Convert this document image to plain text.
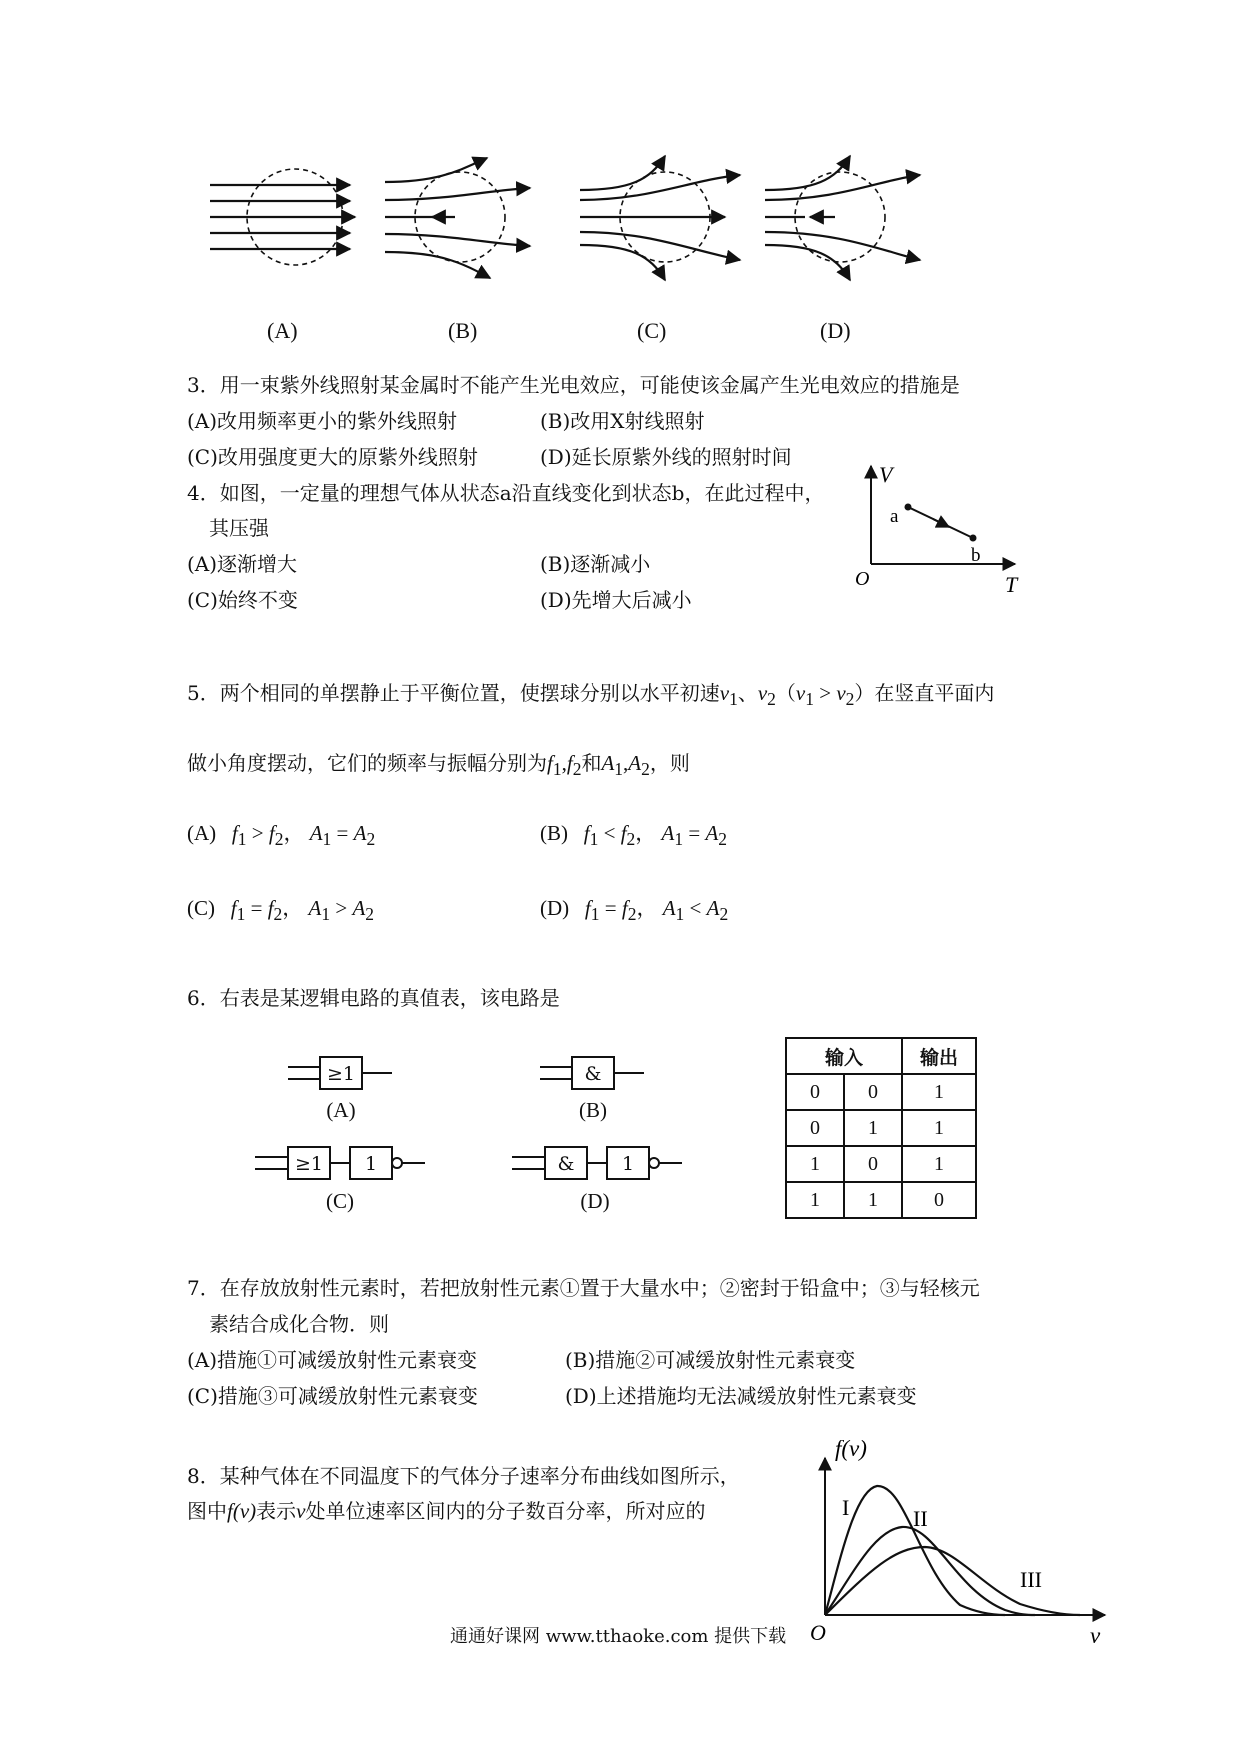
(A)	(B)	(C)	(D)
3．用一束紫外线照射某金属时不能产生光电效应，可能使该金属产生光电效应的措施是
(A)改用频率更小的紫外线照射	(B)改用X射线照射
(C)改用强度更大的原紫外线照射	(D)延长原紫外线的照射时间
4．如图，一定量的理想气体从状态a沿直线变化到状态b，在此过程中，
其压强
(A)逐渐增大	(B)逐渐减小
(C)始终不变	(D)先增大后减小
V
T
O
a
b
5．两个相同的单摆静止于平衡位置，使摆球分别以水平初速$v_1$、$v_2(v_1 > v_2)$在竖直平面内
做小角度摆动，它们的频率与振幅分别为$f_1,f_2$和$A_1,A_2$，则
(A) $f_1 > f_2$， $A_1 = A_2$	(B) $f_1 < f_2$， $A_1 = A_2$
(C) $f_1 = f_2$， $A_1 > A_2$	(D) $f_1 = f_2$， $A_1 < A_2$
6．右表是某逻辑电路的真值表，该电路是
≥1	&
≥1 1	& 1
(A)	(B)
(C)	(D)
输入		输出
0	0	1
0	1	1
1	0	1
1	1	0
7．在存放放射性元素时，若把放射性元素①置于大量水中；②密封于铅盒中；③与轻核元
素结合成化合物．则
(A)措施①可减缓放射性元素衰变	(B)措施②可减缓放射性元素衰变
(C)措施③可减缓放射性元素衰变	(D)上述措施均无法减缓放射性元素衰变
8．某种气体在不同温度下的气体分子速率分布曲线如图所示，
图中f(v)表示v处单位速率区间内的分子数百分率，所对应的
f(v)
v
O
I	II
III
通通好课网 www.tthaoke.com 提供下载
